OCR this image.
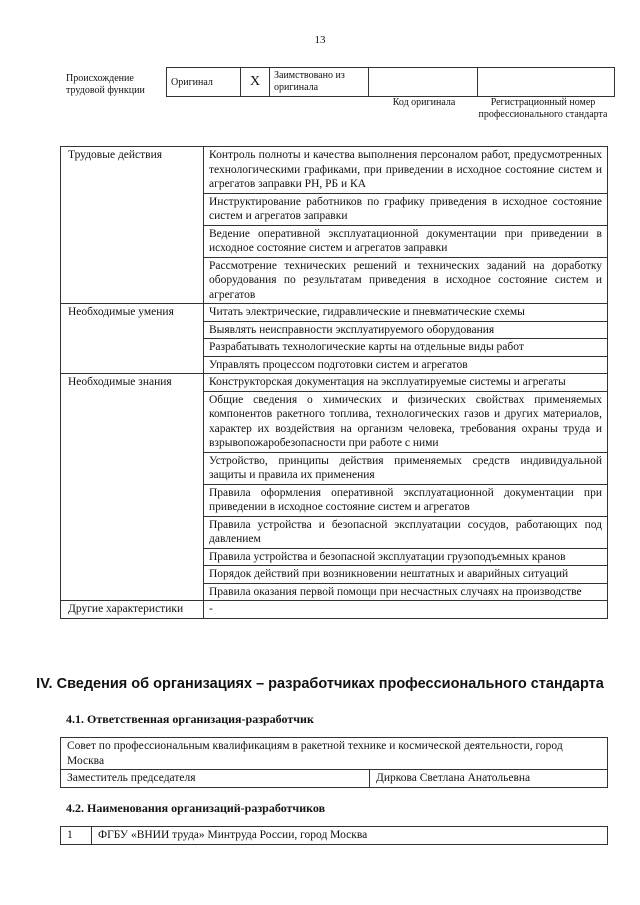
13
Происхождение трудовой функции
Оригинал	X	Заимствовано из оригинала		
Код оригинала	Регистрационный номер профессионального стандарта
Трудовые действия	Контроль полноты и качества выполнения персоналом работ, предусмотренных технологическими графиками, при приведении в исходное состояние систем и агрегатов заправки РН, РБ и КА
	Инструктирование работников по графику приведения в исходное состояние систем и агрегатов заправки
	Ведение оперативной эксплуатационной документации при приведении в исходное состояние систем и агрегатов заправки
	Рассмотрение технических решений и технических заданий на доработку оборудования по результатам приведения в исходное состояние систем и агрегатов
Необходимые умения	Читать электрические, гидравлические и пневматические схемы
	Выявлять неисправности эксплуатируемого оборудования
	Разрабатывать технологические карты на отдельные виды работ
	Управлять процессом подготовки систем и агрегатов
Необходимые знания	Конструкторская документация на эксплуатируемые системы и агрегаты
	Общие сведения о химических и физических свойствах применяемых компонентов ракетного топлива, технологических газов и других материалов, характер их воздействия на организм человека, требования охраны труда и взрывопожаробезопасности при работе с ними
	Устройство, принципы действия применяемых средств индивидуальной защиты и правила их применения
	Правила оформления оперативной эксплуатационной документации при приведении в исходное состояние систем и агрегатов
	Правила устройства и безопасной эксплуатации сосудов, работающих под давлением
	Правила устройства и безопасной эксплуатации грузоподъемных кранов
	Порядок действий при возникновении нештатных и аварийных ситуаций
	Правила оказания первой помощи при несчастных случаях на производстве
Другие характеристики	-
IV. Сведения об организациях – разработчиках профессионального стандарта
4.1. Ответственная организация-разработчик
Совет по профессиональным квалификациям в ракетной технике и космической деятельности, город Москва
Заместитель председателя	Диркова Светлана Анатольевна
4.2. Наименования организаций-разработчиков
1	ФГБУ «ВНИИ труда» Минтруда России, город Москва
